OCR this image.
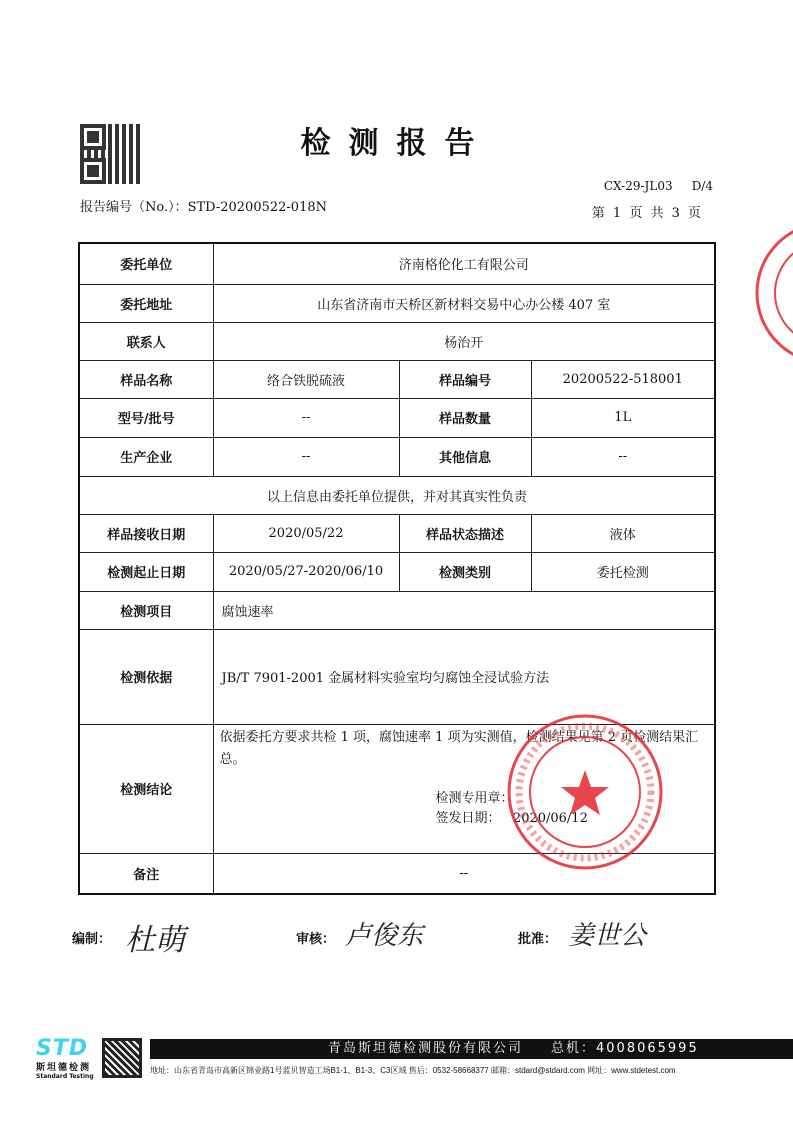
检测报告
CX-29-JL03 D/4
报告编号（No.）：STD-20200522-018N	第 1 页 共 3 页
委托单位	济南格伦化工有限公司		
委托地址	山东省济南市天桥区新材料交易中心办公楼 407 室		
联系人	杨治开		
样品名称	络合铁脱硫液	样品编号	20200522-518001
型号/批号	--	样品数量	1L
生产企业	--	其他信息	--
以上信息由委托单位提供，并对其真实性负责			
样品接收日期	2020/05/22	样品状态描述	液体
检测起止日期	2020/05/27-2020/06/10	检测类别	委托检测
检测项目	腐蚀速率		
检测依据	JB/T 7901-2001 金属材料实验室均匀腐蚀全浸试验方法		
检测结论	依据委托方要求共检 1 项，腐蚀速率 1 项为实测值，检测结果见第 2 页检测结果汇总。
检测专用章：
签发日期： 2020/06/12		

备注	--		
编制： 杜萌	审核： 卢俊东	批准： 姜世公
STD
斯坦德检测
Standard Testing
青岛斯坦德检测股份有限公司 总机：4008065995
地址：山东省青岛市高新区锦业路1号蓝贝智造工场B1-1、B1-3、C3区域 售后：0532-58668377 邮箱：stdard@stdard.com 网址：www.stdetest.com
